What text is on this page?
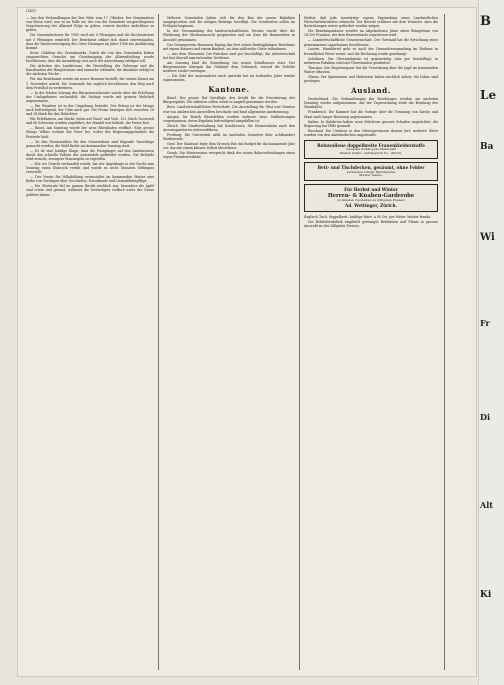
(ZKE)

— Aus den Verhandlungen der Bez.-Näte vom 17. Oktober. Der Gemeinderat von Wiesa wird, was er im Falle sei, der von der Gemeinde vorgeschlagenen Vergrösserung der Allmend Folge zu geben, vorerst darüber Aufschluss zu geben.

Die Gemeindesteuer für 1905 wird mit 8 Pfennigen und die Kirchensteuer mit 5 Pfennigen ermittelt. Der Bezirksrat erklärt sich damit einverstanden, dass die Wasserversorgung des Ortes Hauingen im Jahre 1906 zur Ausführung kommt.

Kreis. Gährbau des Grenzbezirks. Durch die von den Gemeinden Kaken eingereichten Gesuche um Genehmigung der Allmendteilung wurde beschlossen, dass die Auszahlung erst nach der Anrechnung erfolgen soll.

Die Arbeiten der Landstrasse, die Herstellung der Gehwege und die Kanalisation der Hauptstrasse sind nunmehr vollendet; die Abnahme erfolgt in der nächsten Woche.

Für das Bezirksamt wurde ein neuer Beamter bestellt, der seinen Dienst am 1. November antritt. Die Gemeinde hat zugleich beschlossen, den Weg nach dem Friedhof zu verbreitern.

— In der letzten Sitzung des Bürgerausschusses wurde über die Erhöhung des Umlagefusses verhandelt; die Vorlage wurde mit grosser Mehrheit angenommen.

— Die Weinlese ist in der Umgebung beendet. Der Ertrag ist der Menge nach befriedigend, der Güte nach gut. Die Preise bewegen sich zwischen 28 und 34 Mark für den Hektoliter.

Wir Erlebnissen, am Markt, teilen auf Gund- und Vieh, 132 Stück Grossvieh und 86 Schweine wurden zugeführt; der Handel war lebhaft, die Preise fest.

— Basel. Am Samstag wurde der neue Rheinhafen eröffnet. Eine grosse Menge Volkes wohnte der Feier bei, wobei der Regierungspräsident die Festrede hielt.

— Zu den Ersatzwahlen für den Gemeinderat sind folgende Vorschläge gemacht worden; die Wahl findet am kommenden Sonntag statt.

— Es ist eine häufige Klage, dass die Fussgänger auf den Landstrassen durch das schnelle Fahren der Automobile gefährdet werden. Die Behörde wird ersucht, strengere Massregeln zu ergreifen.

— Wie vor Gericht verhandelt wurde, hat der Angeklagte in der Nacht zum Sonntag einen Einbruch verübt und wurde zu sechs Monaten Gefängnis verurteilt.

— Der Verein für Volksbildung veranstaltet im kommenden Winter eine Reihe von Vorträgen über Geschichte, Naturkunde und Gesundheitspflege.

— Die Obsternte fiel im ganzen Bezirk reichlich aus; besonders die Äpfel sind schön und gesund, während die Zwetschgen vielfach unter der Nässe gelitten haben.

Mehrere Gemeinden haben sich für den Bau der neuen Bahnlinie ausgesprochen und die nötigen Beiträge bewilligt. Die Vorarbeiten sollen im Frühjahr beginnen.

In der Versammlung des landwirtschaftlichen Vereins wurde über die Förderung der Obstbaumzucht gesprochen und ein Kurs für Baumwärter in Aussicht genommen.

Der Gesangverein Harmonie beging das Fest seines fünfzigjährigen Bestehens mit einem Konzert und einem Bankett, an dem zahlreiche Gäste teilnahmen.

— Aus dem Wiesental. Die Fabriken sind gut beschäftigt; die Arbeiterschaft hat fast überall ausreichenden Verdienst.

Am Sonntag fand die Einweihung des neuen Schulhauses statt. Der Bürgermeister übergab das Gebäude dem Gebrauch, worauf die Schüler mehrere Lieder vortrugen.

— Die Zahl der Auswanderer nach Amerika hat im laufenden Jahre wieder zugenommen.

Kantone.

Basel. Der grosse Rat bewilligte den Kredit für die Erweiterung des Bürgerspitals. Die Arbeiten sollen sofort in Angriff genommen werden.

Bern. Landwirtschaftlicher Fortschritt. Die Ausstellung für Obst und Gemüse war von zahlreichen Ausstellern beschickt und fand allgemeine Anerkennung.

Aargau. Im Bezirk Rheinfelden wurden mehrere neue Salzbohrungen vorgenommen, deren Ergebnis befriedigend ausgefallen ist.

Zürich. Die Stadtverwaltung hat beschlossen, die Strassenbahn nach den Aussenquartieren weiterzuführen.

Freiburg. Die Universität zählt im laufenden Semester über achthundert Studierende.

Genf. Der Staatsrat legte dem Grossen Rat das Budget für das kommende Jahr vor, das mit einem kleinen Defizit abschliesst.

Graub. Die Wintersaison verspricht dank der neuen Bahnverbindungen einen regen Fremdenverkehr.

Herbst, daß jede Auswärtige eigene Ergründung eines Landwirtlichen Wirtschaftsbetriebes erheischt. Der Bericht schliesst mit dem Wunsche, dass die Bestrebungen weiter gefördert werden mögen.

Die Bezirkssparkasse erzielte im abgelaufenen Jahre einen Reingewinn von 14,500 Franken, der dem Reservefonds zugewiesen wird.

— Landwirtschaftliche Genossenschaft. Der Vorstand hat die Errichtung eines gemeinsamen Lagerhauses beschlossen.

Luzern. Wandsbrief geht es nach der Generalversammlung im Rathaus in freundlicher Weise weiter, und die Rechnung wurde genehmigt.

Solothurn. Die Uhrenindustrie ist gegenwärtig sehr gut beschäftigt; in mehreren Fabriken wird mit Überstunden gearbeitet.

Thurgau. Der Regierungsrat hat die Verordnung über die Jagd im kommenden Winter erlassen.

Glarus. Die Spinnereien und Webereien haben reichlich Arbeit; die Löhne sind gestiegen.

Ausland.

Deutschland. Die Verhandlungen des Reichstages werden am nächsten Dienstag wieder aufgenommen. Auf der Tagesordnung steht die Beratung des Haushaltes.

Frankreich. Die Kammer hat die Vorlage über die Trennung von Kirche und Staat nach langer Beratung angenommen.

Italien. In Kalabrien haben neue Erdstösse grossen Schaden angerichtet; die Regierung hat Hilfe gesandt.

Russland. Die Unruhen in den Ostseeprovinzen dauern fort; mehrere Güter wurden von den Aufständischen angezündet.

Reinwollene doppelbreite Frauenkleiderstoffe
versende franko jede Meterzahl
Muster franko. Oettinger & Co., Zürich.
Bett- und Tischdecken, gesäumt, ohne Fehler
versenden billigst Fabrikpreise
Muster franko.
Für Herbst und Winter
Herren- & Knaben-Garderobe
in feinsten Neuheiten zu billigsten Preisen
Ad. Wettinger, Zürich.

Englisch Tuch, doppelbreit, kräftige Ware, à 95 Cts. per Meter. Muster franko.

Die Bettfedernfabrik empfiehlt gereinigte Bettfedern und Flaum in grosser Auswahl zu den billigsten Preisen.

B
Le
Ba
Wi
Fr
Di
Alt
Ki
